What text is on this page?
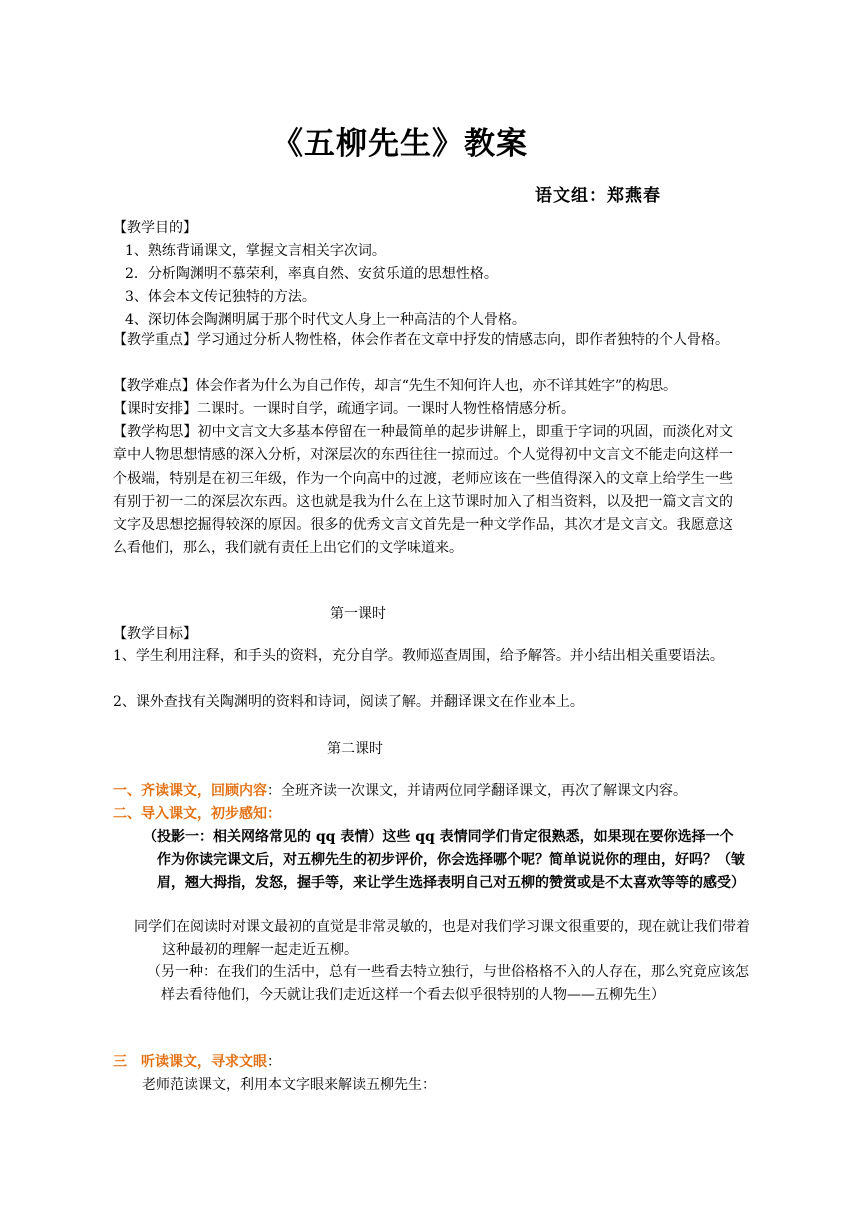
《五柳先生》教案
语文组：郑燕春
【教学目的】
1、熟练背诵课文，掌握文言相关字次词。
2．分析陶渊明不慕荣利，率真自然、安贫乐道的思想性格。
3、体会本文传记独特的方法。
4、深切体会陶渊明属于那个时代文人身上一种高洁的个人骨格。
【教学重点】学习通过分析人物性格，体会作者在文章中抒发的情感志向，即作者独特的个人骨格。
【教学难点】体会作者为什么为自己作传，却言“先生不知何许人也，亦不详其姓字”的构思。
【课时安排】二课时。一课时自学，疏通字词。一课时人物性格情感分析。
【教学构思】初中文言文大多基本停留在一种最简单的起步讲解上，即重于字词的巩固，而淡化对文章中人物思想情感的深入分析，对深层次的东西往往一掠而过。个人觉得初中文言文不能走向这样一个极端，特别是在初三年级，作为一个向高中的过渡，老师应该在一些值得深入的文章上给学生一些有别于初一二的深层次东西。这也就是我为什么在上这节课时加入了相当资料，以及把一篇文言文的文字及思想挖掘得较深的原因。很多的优秀文言文首先是一种文学作品，其次才是文言文。我愿意这么看他们，那么，我们就有责任上出它们的文学味道来。
第一课时
【教学目标】
1、学生利用注释，和手头的资料，充分自学。教师巡查周围，给予解答。并小结出相关重要语法。
2、课外查找有关陶渊明的资料和诗词，阅读了解。并翻译课文在作业本上。
第二课时
一、齐读课文，回顾内容：全班齐读一次课文，并请两位同学翻译课文，再次了解课文内容。
二、导入课文，初步感知：
（投影一：相关网络常见的 qq 表情）这些 qq 表情同学们肯定很熟悉，如果现在要你选择一个作为你读完课文后，对五柳先生的初步评价，你会选择哪个呢？简单说说你的理由，好吗？（皱眉，翘大拇指，发怒，握手等，来让学生选择表明自己对五柳的赞赏或是不太喜欢等等的感受）
同学们在阅读时对课文最初的直觉是非常灵敏的，也是对我们学习课文很重要的，现在就让我们带着这种最初的理解一起走近五柳。
（另一种：在我们的生活中，总有一些看去特立独行，与世俗格格不入的人存在，那么究竟应该怎样去看待他们，今天就让我们走近这样一个看去似乎很特别的人物——五柳先生）
三　听读课文，寻求文眼：
老师范读课文，利用本文字眼来解读五柳先生：
